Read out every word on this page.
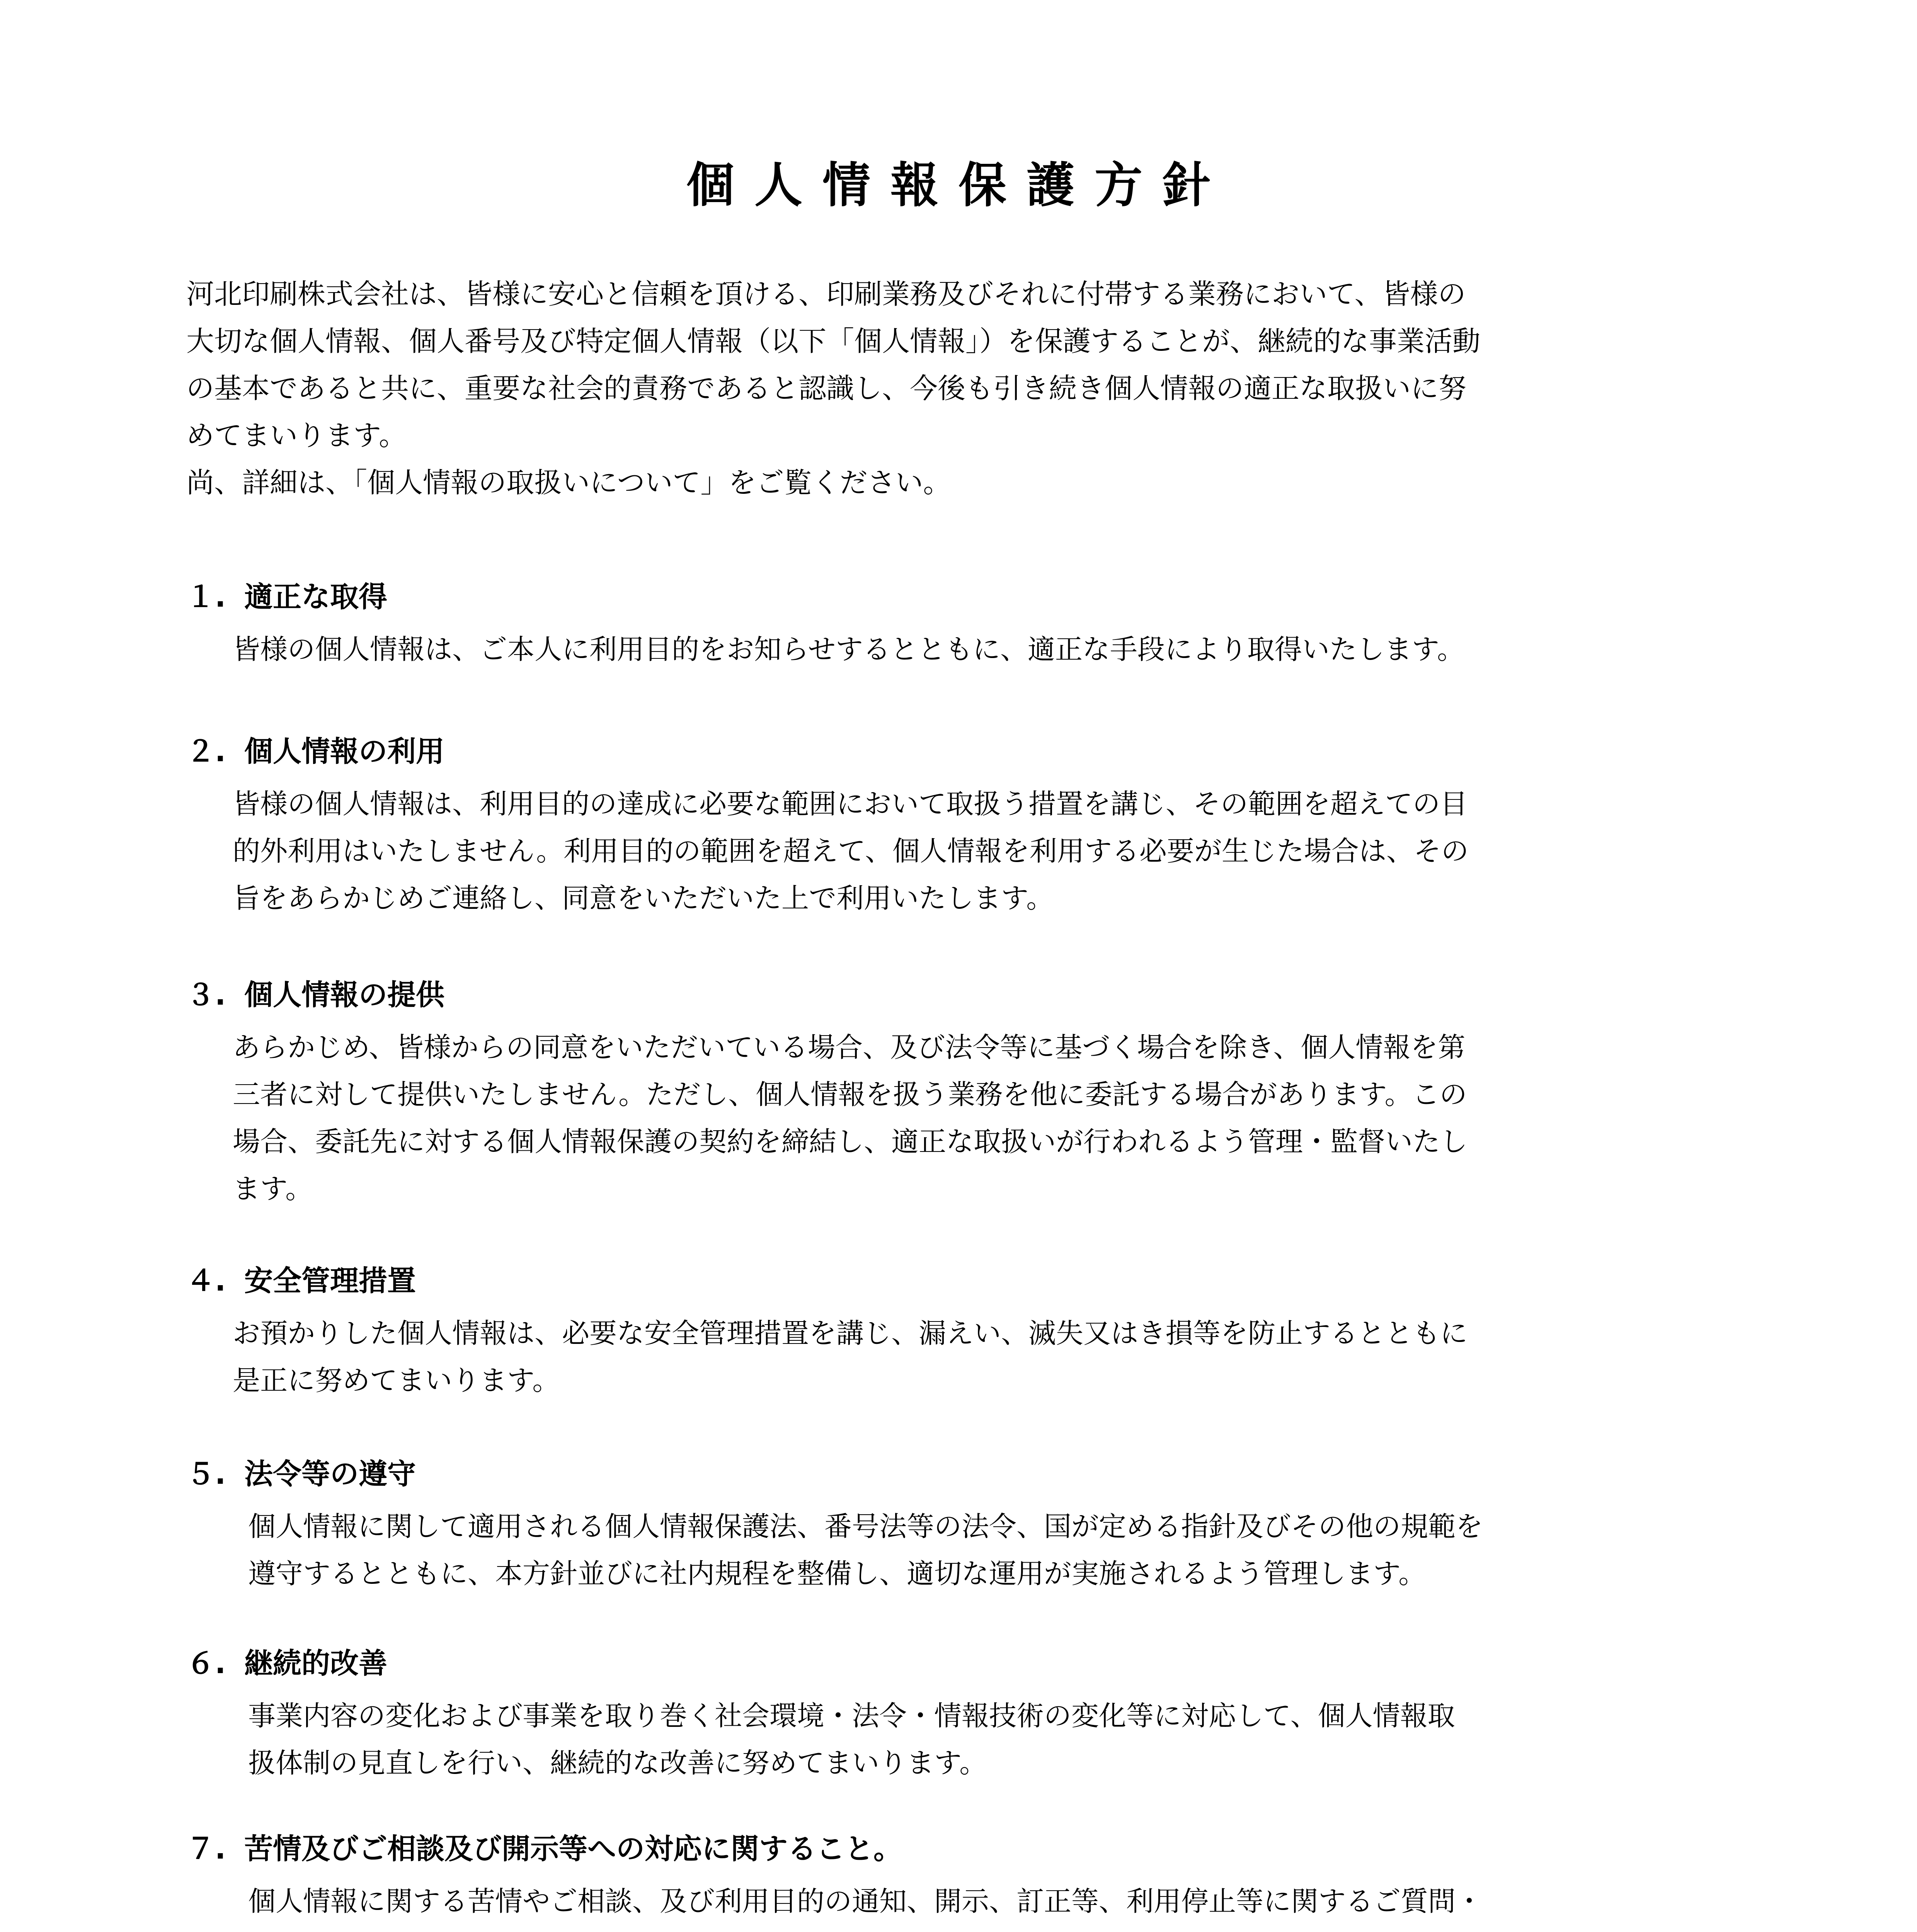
個人情報保護方針

河北印刷株式会社は、皆様に安心と信頼を頂ける、印刷業務及びそれに付帯する業務において、皆様の

大切な個人情報、個人番号及び特定個人情報（以下「個人情報」）を保護することが、継続的な事業活動

の基本であると共に、重要な社会的責務であると認識し、今後も引き続き個人情報の適正な取扱いに努

めてまいります。

尚、詳細は、「個人情報の取扱いについて」をご覧ください。

１. 適正な取得
皆様の個人情報は、ご本人に利用目的をお知らせするとともに、適正な手段により取得いたします。
２. 個人情報の利用
皆様の個人情報は、利用目的の達成に必要な範囲において取扱う措置を講じ、その範囲を超えての目
的外利用はいたしません。利用目的の範囲を超えて、個人情報を利用する必要が生じた場合は、その
旨をあらかじめご連絡し、同意をいただいた上で利用いたします。
３. 個人情報の提供
あらかじめ、皆様からの同意をいただいている場合、及び法令等に基づく場合を除き、個人情報を第
三者に対して提供いたしません。ただし、個人情報を扱う業務を他に委託する場合があります。この
場合、委託先に対する個人情報保護の契約を締結し、適正な取扱いが行われるよう管理・監督いたし
ます。
４. 安全管理措置
お預かりした個人情報は、必要な安全管理措置を講じ、漏えい、滅失又はき損等を防止するとともに
是正に努めてまいります。
５. 法令等の遵守
個人情報に関して適用される個人情報保護法、番号法等の法令、国が定める指針及びその他の規範を
遵守するとともに、本方針並びに社内規程を整備し、適切な運用が実施されるよう管理します。
６. 継続的改善
事業内容の変化および事業を取り巻く社会環境・法令・情報技術の変化等に対応して、個人情報取
扱体制の見直しを行い、継続的な改善に努めてまいります。
７. 苦情及びご相談及び開示等への対応に関すること。
個人情報に関する苦情やご相談、及び利用目的の通知、開示、訂正等、利用停止等に関するご質問・
